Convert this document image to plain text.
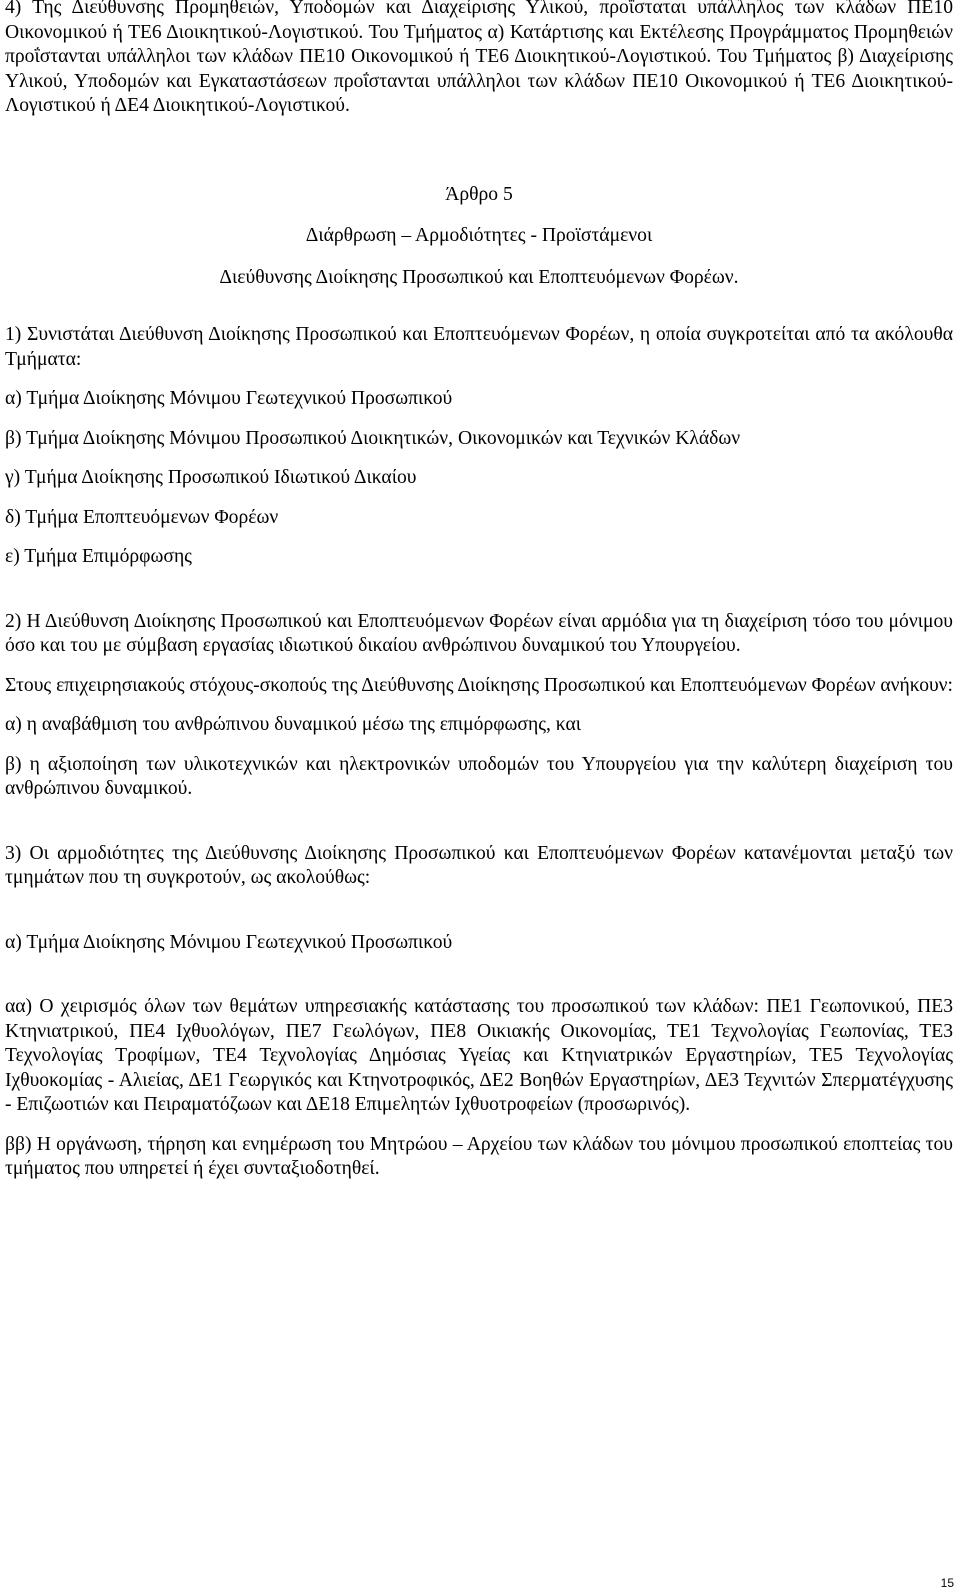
4) Της Διεύθυνσης Προμηθειών, Υποδομών και Διαχείρισης Υλικού, προΐσταται υπάλληλος των κλάδων ΠΕ10 Οικονομικού ή ΤΕ6 Διοικητικού-Λογιστικού. Του Τμήματος α) Κατάρτισης και Εκτέλεσης Προγράμματος Προμηθειών προΐστανται υπάλληλοι των κλάδων ΠΕ10 Οικονομικού ή ΤΕ6 Διοικητικού-Λογιστικού. Του Τμήματος β) Διαχείρισης Υλικού, Υποδομών και Εγκαταστάσεων προΐστανται υπάλληλοι των κλάδων ΠΕ10 Οικονομικού ή ΤΕ6 Διοικητικού-Λογιστικού ή ΔΕ4 Διοικητικού-Λογιστικού.

Άρθρο 5

Διάρθρωση – Αρμοδιότητες - Προϊστάμενοι

Διεύθυνσης Διοίκησης Προσωπικού και Εποπτευόμενων Φορέων.

1) Συνιστάται Διεύθυνση Διοίκησης Προσωπικού και Εποπτευόμενων Φορέων, η οποία συγκροτείται από τα ακόλουθα Τμήματα:

α) Τμήμα Διοίκησης Μόνιμου Γεωτεχνικού Προσωπικού

β) Τμήμα Διοίκησης Μόνιμου Προσωπικού Διοικητικών, Οικονομικών και Τεχνικών Κλάδων

γ) Τμήμα Διοίκησης Προσωπικού Ιδιωτικού Δικαίου

δ) Τμήμα Εποπτευόμενων Φορέων

ε) Τμήμα Επιμόρφωσης

2) Η Διεύθυνση Διοίκησης Προσωπικού και Εποπτευόμενων Φορέων είναι αρμόδια για τη διαχείριση τόσο του μόνιμου όσο και του με σύμβαση εργασίας ιδιωτικού δικαίου ανθρώπινου δυναμικού του Υπουργείου.

Στους επιχειρησιακούς στόχους-σκοπούς της Διεύθυνσης Διοίκησης Προσωπικού και Εποπτευόμενων Φορέων ανήκουν:

α) η αναβάθμιση του ανθρώπινου δυναμικού μέσω της επιμόρφωσης, και

β) η αξιοποίηση των υλικοτεχνικών και ηλεκτρονικών υποδομών του Υπουργείου για την καλύτερη διαχείριση του ανθρώπινου δυναμικού.

3) Οι αρμοδιότητες της Διεύθυνσης Διοίκησης Προσωπικού και Εποπτευόμενων Φορέων κατανέμονται μεταξύ των τμημάτων που τη συγκροτούν, ως ακολούθως:

α) Τμήμα Διοίκησης Μόνιμου Γεωτεχνικού Προσωπικού

αα) Ο χειρισμός όλων των θεμάτων υπηρεσιακής κατάστασης του προσωπικού των κλάδων: ΠΕ1 Γεωπονικού, ΠΕ3 Κτηνιατρικού, ΠΕ4 Ιχθυολόγων, ΠΕ7 Γεωλόγων, ΠΕ8 Οικιακής Οικονομίας, ΤΕ1 Τεχνολογίας Γεωπονίας, ΤΕ3 Τεχνολογίας Τροφίμων, ΤΕ4 Τεχνολογίας Δημόσιας Υγείας και Κτηνιατρικών Εργαστηρίων, ΤΕ5 Τεχνολογίας Ιχθυοκομίας - Αλιείας, ΔΕ1 Γεωργικός και Κτηνοτροφικός, ΔΕ2 Βοηθών Εργαστηρίων, ΔΕ3 Τεχνιτών Σπερματέγχυσης - Επιζωοτιών και Πειραματόζωων και ΔΕ18 Επιμελητών Ιχθυοτροφείων (προσωρινός).

ββ) Η οργάνωση, τήρηση και ενημέρωση του Μητρώου – Αρχείου των κλάδων του μόνιμου προσωπικού εποπτείας του τμήματος που υπηρετεί ή έχει συνταξιοδοτηθεί.

15
